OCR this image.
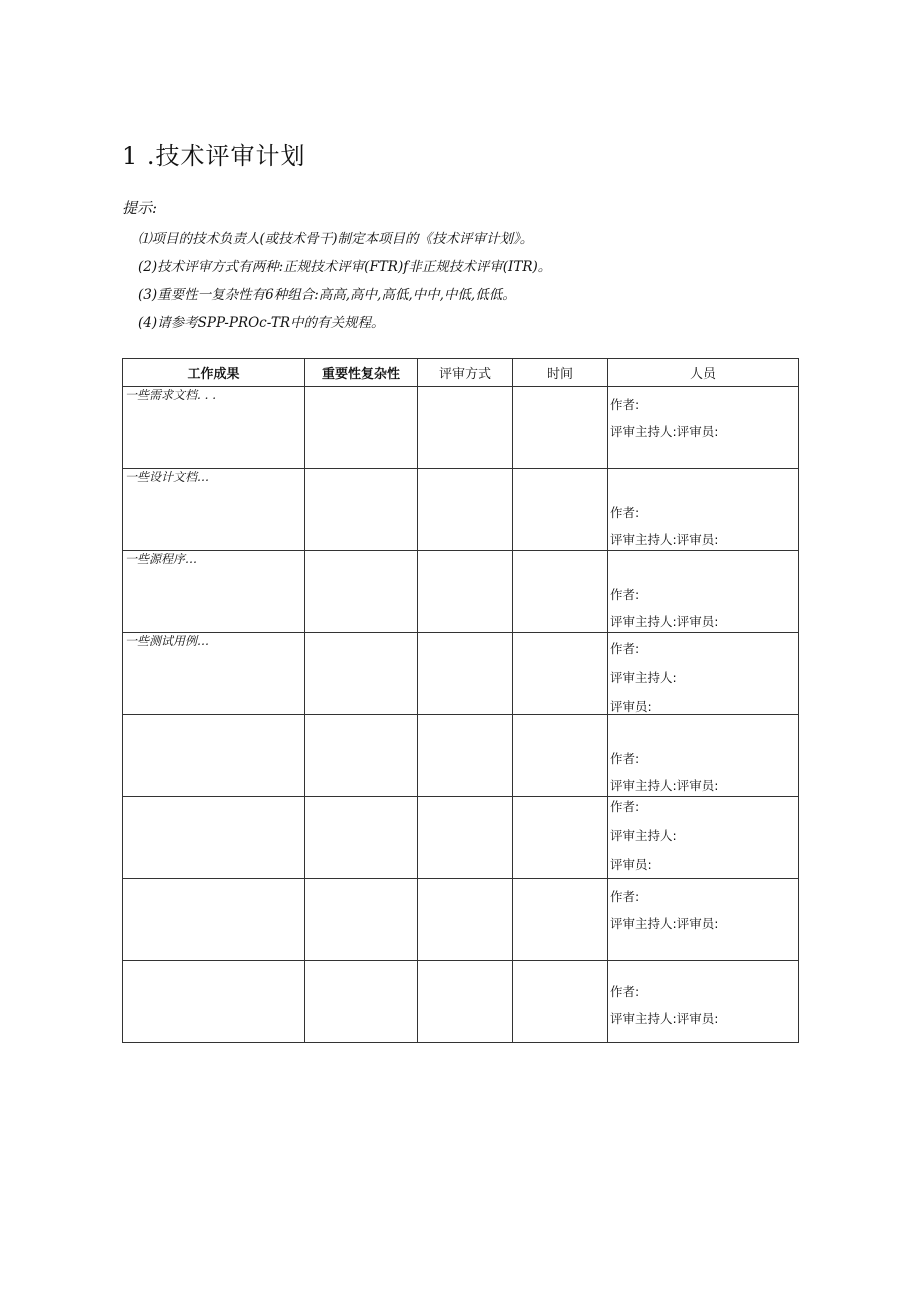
1 .技术评审计划
提示:
⑴项目的技术负责人(或技术骨干)制定本项目的《技术评审计划》。
(2)技术评审方式有两种:正规技术评审(FTR)f非正规技术评审(ITR)。
(3)重要性一复杂性有6种组合:高高,高中,高低,中中,中低,低低。
(4)请参考SPP-PROc-TR中的有关规程。
工作成果	重要性复杂性	评审方式	时间	人员

一些需求文档. . .				作者:
评审主持人:评审员:

一些设计文档…				作者:
评审主持人:评审员:

一些源程序…				作者:
评审主持人:评审员:

一些测试用例…				作者:
评审主持人:
评审员:

				作者:
评审主持人:评审员:

				作者:
评审主持人:
评审员:

				作者:
评审主持人:评审员:

				作者:
评审主持人:评审员:
